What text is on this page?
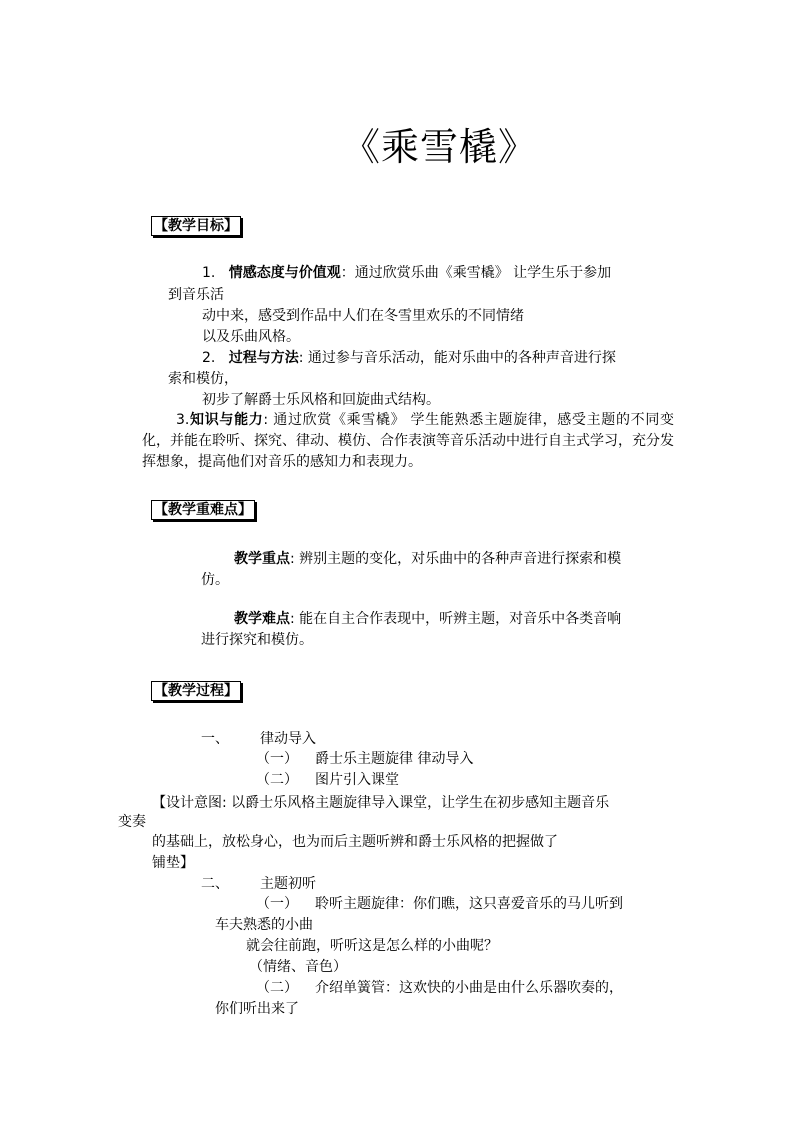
《乘雪橇》
【教学目标】
1. 情感态度与价值观：通过欣赏乐曲《乘雪橇》 让学生乐于参加
到音乐活
动中来，感受到作品中人们在冬雪里欢乐的不同情绪
以及乐曲风格。
2. 过程与方法: 通过参与音乐活动，能对乐曲中的各种声音进行探
索和模仿，
初步了解爵士乐风格和回旋曲式结构。
3.知识与能力: 通过欣赏《乘雪橇》 学生能熟悉主题旋律，感受主题的不同变化，并能在聆听、探究、律动、模仿、合作表演等音乐活动中进行自主式学习，充分发挥想象，提高他们对音乐的感知力和表现力。
【教学重难点】
教学重点: 辨别主题的变化，对乐曲中的各种声音进行探索和模
仿。
教学难点: 能在自主合作表现中，听辨主题，对音乐中各类音响
进行探究和模仿。
【教学过程】
一、 律动导入
（一） 爵士乐主题旋律 律动导入
（二） 图片引入课堂
【设计意图: 以爵士乐风格主题旋律导入课堂，让学生在初步感知主题音乐
变奏
的基础上，放松身心，也为而后主题听辨和爵士乐风格的把握做了
铺垫】
二、 主题初听
（一） 聆听主题旋律：你们瞧，这只喜爱音乐的马儿听到
车夫熟悉的小曲
就会往前跑，听听这是怎么样的小曲呢？
（情绪、音色）
（二） 介绍单簧管：这欢快的小曲是由什么乐器吹奏的，
你们听出来了
